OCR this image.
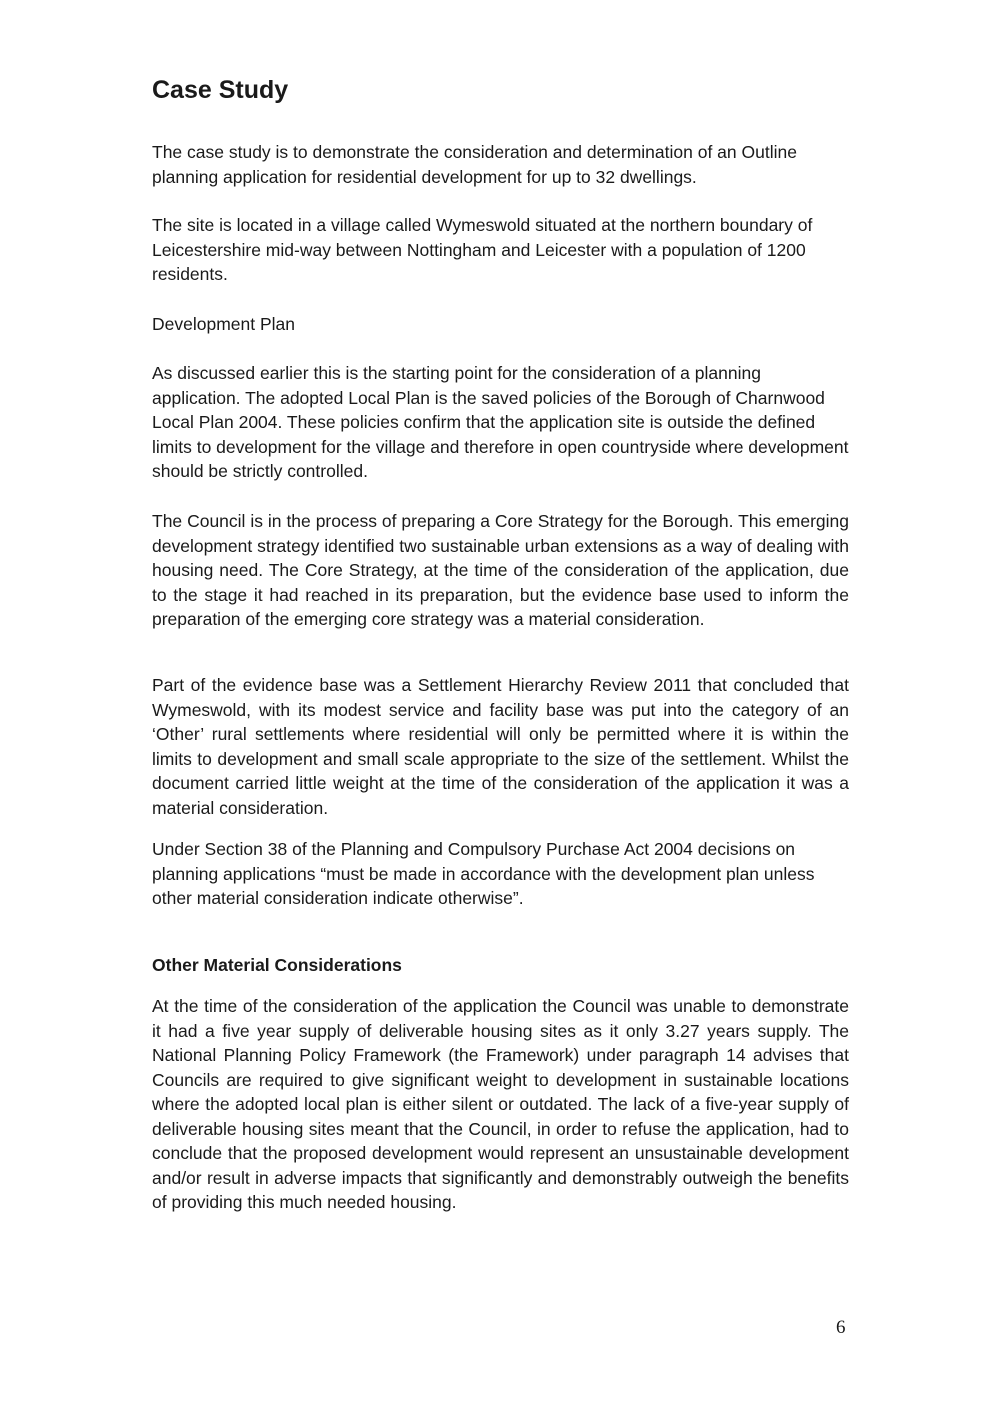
Case Study

The case study is to demonstrate the consideration and determination of an Outline planning application for residential development for up to 32 dwellings.

The site is located in a village called Wymeswold situated at the northern boundary of Leicestershire mid-way between Nottingham and Leicester with a population of 1200 residents.

Development Plan

As discussed earlier this is the starting point for the consideration of a planning application. The adopted Local Plan is the saved policies of the Borough of Charnwood Local Plan 2004. These policies confirm that the application site is outside the defined limits to development for the village and therefore in open countryside where development should be strictly controlled.

The Council is in the process of preparing a Core Strategy for the Borough. This emerging development strategy identified two sustainable urban extensions as a way of dealing with housing need. The Core Strategy, at the time of the consideration of the application, due to the stage it had reached in its preparation, but the evidence base used to inform the preparation of the emerging core strategy was a material consideration.

Part of the evidence base was a Settlement Hierarchy Review 2011 that concluded that Wymeswold, with its modest service and facility base was put into the category of an ‘Other’ rural settlements where residential will only be permitted where it is within the limits to development and small scale appropriate to the size of the settlement. Whilst the document carried little weight at the time of the consideration of the application it was a material consideration.

Under Section 38 of the Planning and Compulsory Purchase Act 2004 decisions on planning applications “must be made in accordance with the development plan unless other material consideration indicate otherwise”.

Other Material Considerations

At the time of the consideration of the application the Council was unable to demonstrate it had a five year supply of deliverable housing sites as it only 3.27 years supply. The National Planning Policy Framework (the Framework) under paragraph 14 advises that Councils are required to give significant weight to development in sustainable locations where the adopted local plan is either silent or outdated. The lack of a five-year supply of deliverable housing sites meant that the Council, in order to refuse the application, had to conclude that the proposed development would represent an unsustainable development and/or result in adverse impacts that significantly and demonstrably outweigh the benefits of providing this much needed housing.

6
